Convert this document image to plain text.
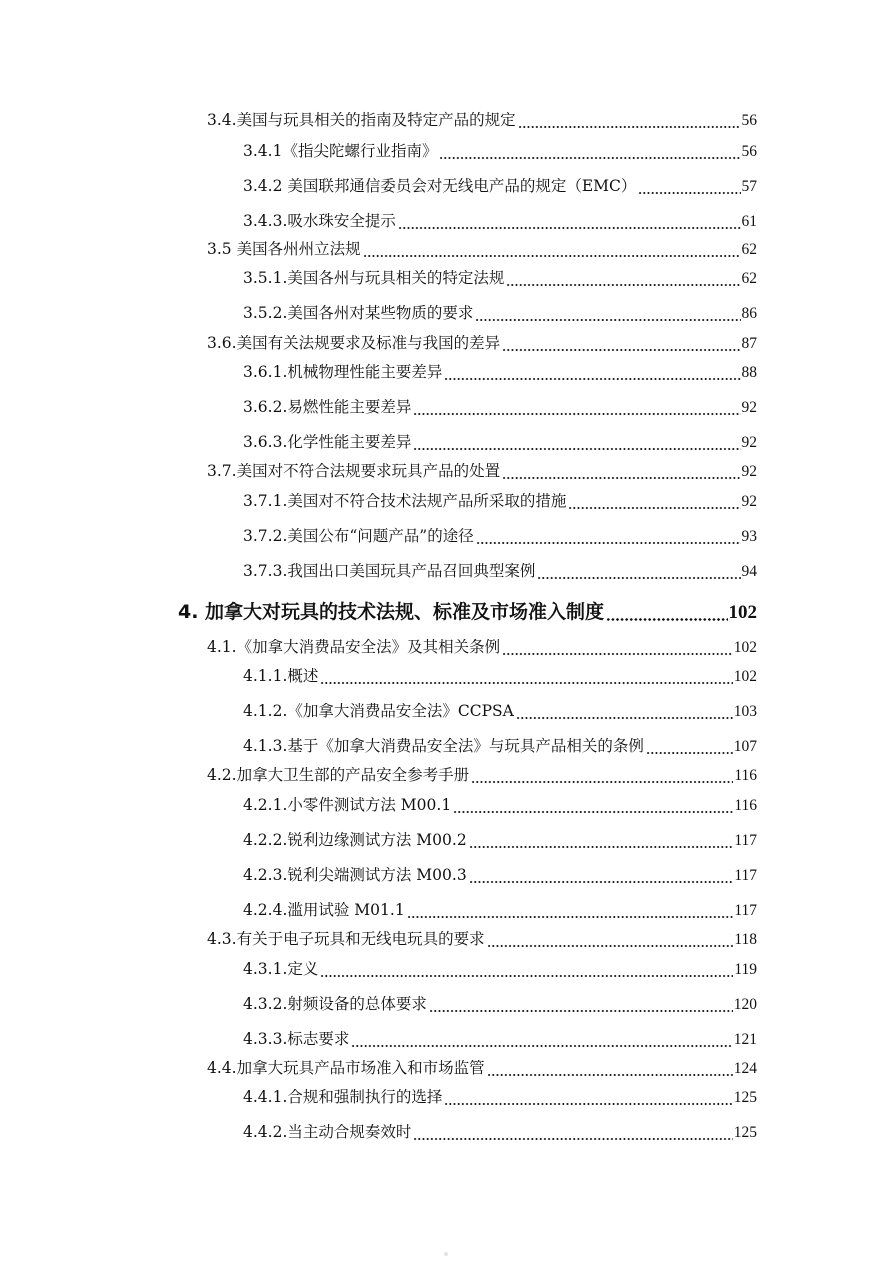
3.4.美国与玩具相关的指南及特定产品的规定	56
3.4.1《指尖陀螺行业指南》	56
3.4.2 美国联邦通信委员会对无线电产品的规定（EMC）	57
3.4.3.吸水珠安全提示	61
3.5 美国各州州立法规	62
3.5.1.美国各州与玩具相关的特定法规	62
3.5.2.美国各州对某些物质的要求	86
3.6.美国有关法规要求及标准与我国的差异	87
3.6.1.机械物理性能主要差异	88
3.6.2.易燃性能主要差异	92
3.6.3.化学性能主要差异	92
3.7.美国对不符合法规要求玩具产品的处置	92
3.7.1.美国对不符合技术法规产品所采取的措施	92
3.7.2.美国公布“问题产品”的途径	93
3.7.3.我国出口美国玩具产品召回典型案例	94
4. 加拿大对玩具的技术法规、标准及市场准入制度	102
4.1.《加拿大消费品安全法》及其相关条例	102
4.1.1.概述	102
4.1.2.《加拿大消费品安全法》CCPSA	103
4.1.3.基于《加拿大消费品安全法》与玩具产品相关的条例	107
4.2.加拿大卫生部的产品安全参考手册	116
4.2.1.小零件测试方法 M00.1	116
4.2.2.锐利边缘测试方法 M00.2	117
4.2.3.锐利尖端测试方法 M00.3	117
4.2.4.滥用试验 M01.1	117
4.3.有关于电子玩具和无线电玩具的要求	118
4.3.1.定义	119
4.3.2.射频设备的总体要求	120
4.3.3.标志要求	121
4.4.加拿大玩具产品市场准入和市场监管	124
4.4.1.合规和强制执行的选择	125
4.4.2.当主动合规奏效时	125
